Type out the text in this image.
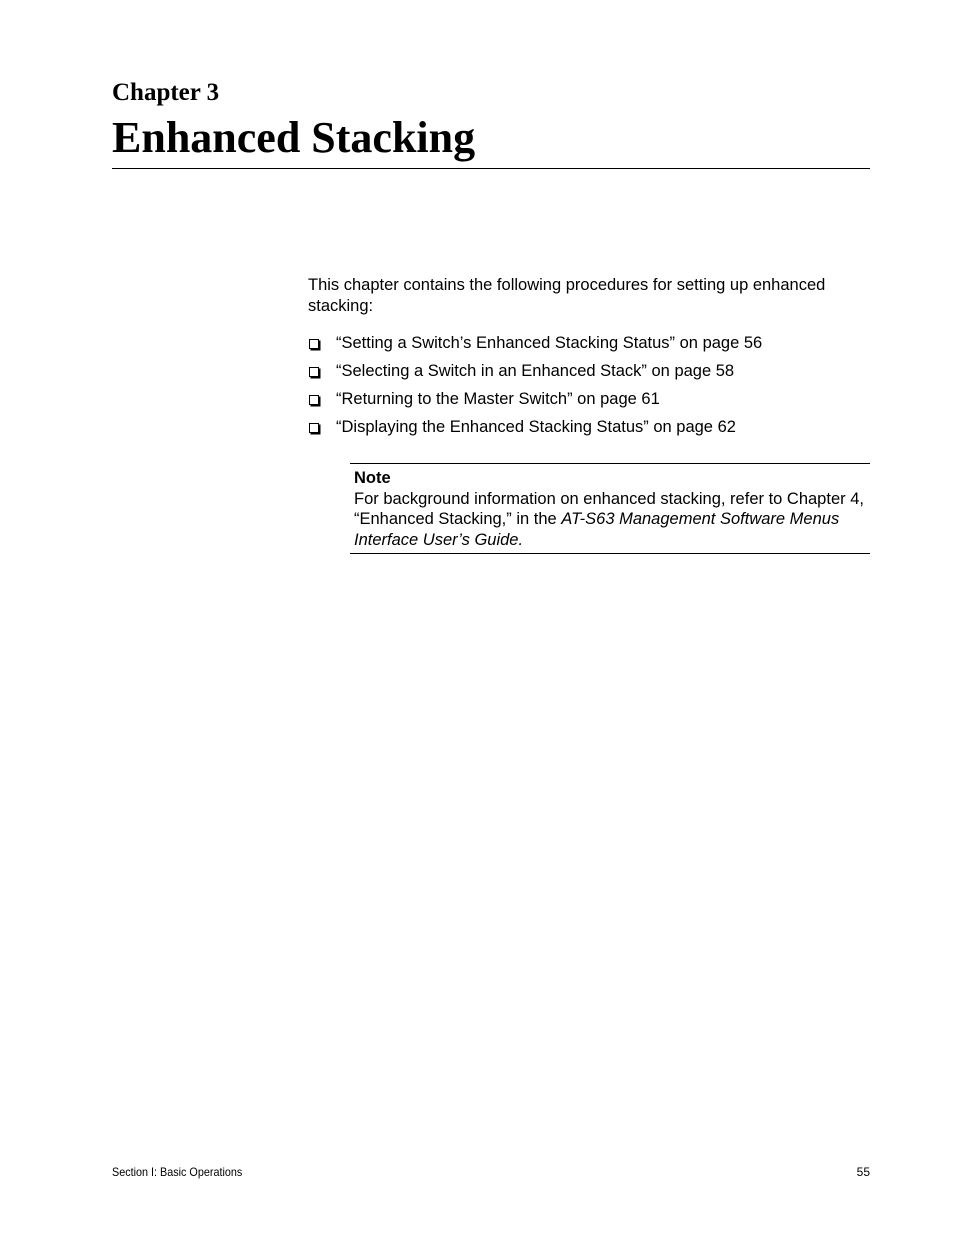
Chapter 3
Enhanced Stacking

This chapter contains the following procedures for setting up enhanced stacking:

“Setting a Switch’s Enhanced Stacking Status” on page 56
“Selecting a Switch in an Enhanced Stack” on page 58
“Returning to the Master Switch” on page 61
“Displaying the Enhanced Stacking Status” on page 62
Note
For background information on enhanced stacking, refer to Chapter 4, “Enhanced Stacking,” in the AT-S63 Management Software Menus Interface User’s Guide.
Section I: Basic Operations	55
